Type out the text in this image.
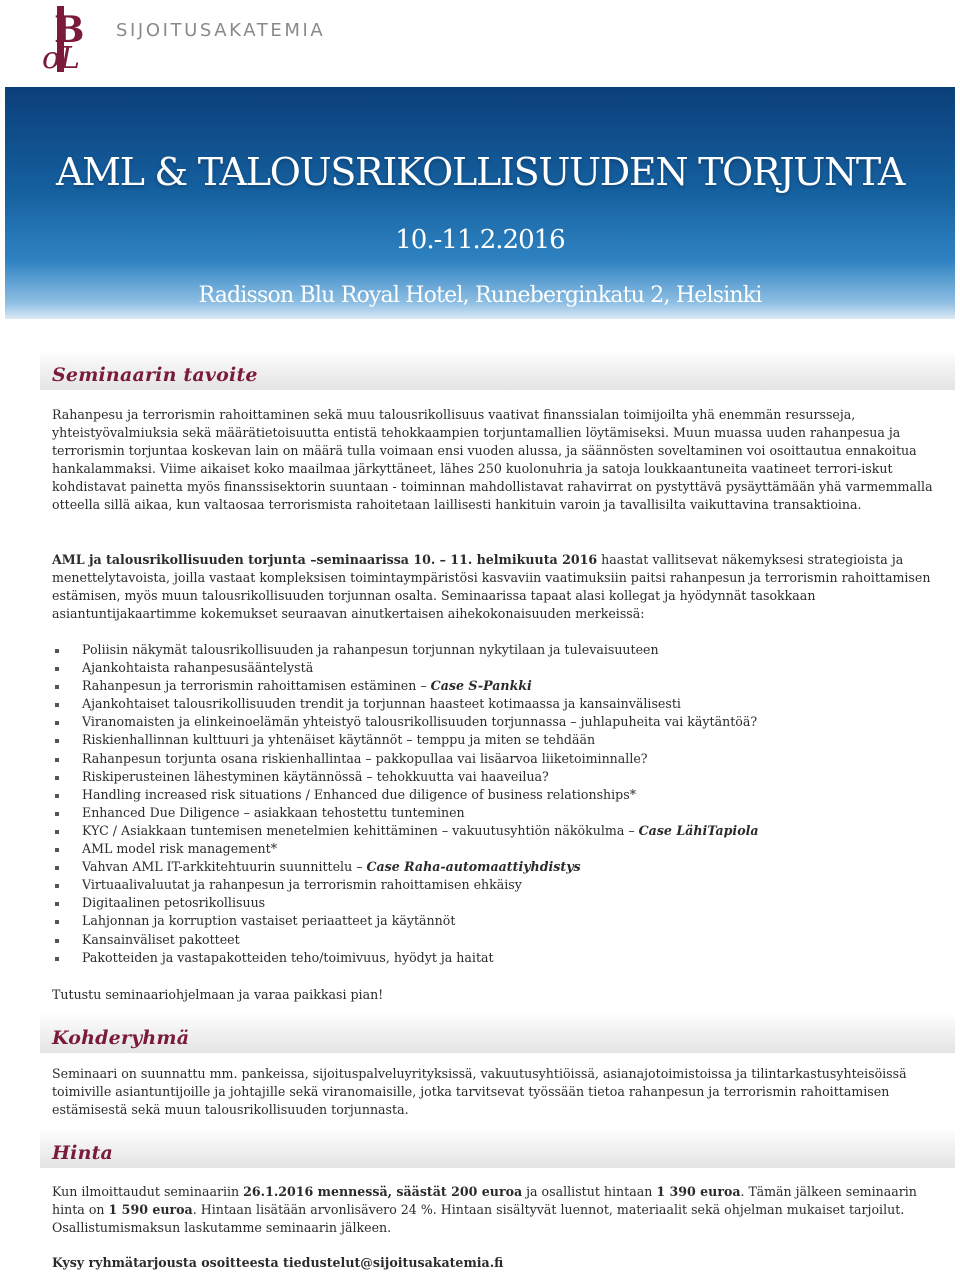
B
o L
SIJOITUSAKATEMIA
AML & TALOUSRIKOLLISUUDEN TORJUNTA
10.-11.2.2016
Radisson Blu Royal Hotel, Runeberginkatu 2, Helsinki
Seminaarin tavoite

Rahanpesu ja terrorismin rahoittaminen sekä muu talousrikollisuus vaativat finanssialan toimijoilta yhä enemmän resursseja, yhteistyövalmiuksia sekä määrätietoisuutta entistä tehokkaampien torjuntamallien löytämiseksi. Muun muassa uuden rahanpesua ja terrorismin torjuntaa koskevan lain on määrä tulla voimaan ensi vuoden alussa, ja säännösten soveltaminen voi osoittautua ennakoitua hankalammaksi. Viime aikaiset koko maailmaa järkyttäneet, lähes 250 kuolonuhria ja satoja loukkaantuneita vaatineet terrori-iskut kohdistavat painetta myös finanssisektorin suuntaan - toiminnan mahdollistavat rahavirrat on pystyttävä pysäyttämään yhä varmemmalla otteella sillä aikaa, kun valtaosaa terrorismista rahoitetaan laillisesti hankituin varoin ja tavallisilta vaikuttavina transaktioina.

AML ja talousrikollisuuden torjunta –seminaarissa 10. – 11. helmikuuta 2016 haastat vallitsevat näkemyksesi strategioista ja menettelytavoista, joilla vastaat kompleksisen toimintaympäristösi kasvaviin vaatimuksiin paitsi rahanpesun ja terrorismin rahoittamisen estämisen, myös muun talousrikollisuuden torjunnan osalta. Seminaarissa tapaat alasi kollegat ja hyödynnät tasokkaan asiantuntijakaartimme kokemukset seuraavan ainutkertaisen aihekokonaisuuden merkeissä:

Poliisin näkymät talousrikollisuuden ja rahanpesun torjunnan nykytilaan ja tulevaisuuteen
Ajankohtaista rahanpesusääntelystä
Rahanpesun ja terrorismin rahoittamisen estäminen – Case S-Pankki
Ajankohtaiset talousrikollisuuden trendit ja torjunnan haasteet kotimaassa ja kansainvälisesti
Viranomaisten ja elinkeinoelämän yhteistyö talousrikollisuuden torjunnassa – juhlapuheita vai käytäntöä?
Riskienhallinnan kulttuuri ja yhtenäiset käytännöt – temppu ja miten se tehdään
Rahanpesun torjunta osana riskienhallintaa – pakkopullaa vai lisäarvoa liiketoiminnalle?
Riskiperusteinen lähestyminen käytännössä – tehokkuutta vai haaveilua?
Handling increased risk situations / Enhanced due diligence of business relationships*
Enhanced Due Diligence – asiakkaan tehostettu tunteminen
KYC / Asiakkaan tuntemisen menetelmien kehittäminen – vakuutusyhtiön näkökulma – Case LähiTapiola
AML model risk management*
Vahvan AML IT-arkkitehtuurin suunnittelu – Case Raha-automaattiyhdistys
Virtuaalivaluutat ja rahanpesun ja terrorismin rahoittamisen ehkäisy
Digitaalinen petosrikollisuus
Lahjonnan ja korruption vastaiset periaatteet ja käytännöt
Kansainväliset pakotteet
Pakotteiden ja vastapakotteiden teho/toimivuus, hyödyt ja haitat

Tutustu seminaariohjelmaan ja varaa paikkasi pian!

Kohderyhmä

Seminaari on suunnattu mm. pankeissa, sijoituspalveluyrityksissä, vakuutusyhtiöissä, asianajotoimistoissa ja tilintarkastusyhteisöissä toimiville asiantuntijoille ja johtajille sekä viranomaisille, jotka tarvitsevat työssään tietoa rahanpesun ja terrorismin rahoittamisen estämisestä sekä muun talousrikollisuuden torjunnasta.

Hinta

Kun ilmoittaudut seminaariin 26.1.2016 mennessä, säästät 200 euroa ja osallistut hintaan 1 390 euroa. Tämän jälkeen seminaarin hinta on 1 590 euroa. Hintaan lisätään arvonlisävero 24 %. Hintaan sisältyvät luennot, materiaalit sekä ohjelman mukaiset tarjoilut. Osallistumismaksun laskutamme seminaarin jälkeen.

Kysy ryhmätarjousta osoitteesta tiedustelut@sijoitusakatemia.fi
